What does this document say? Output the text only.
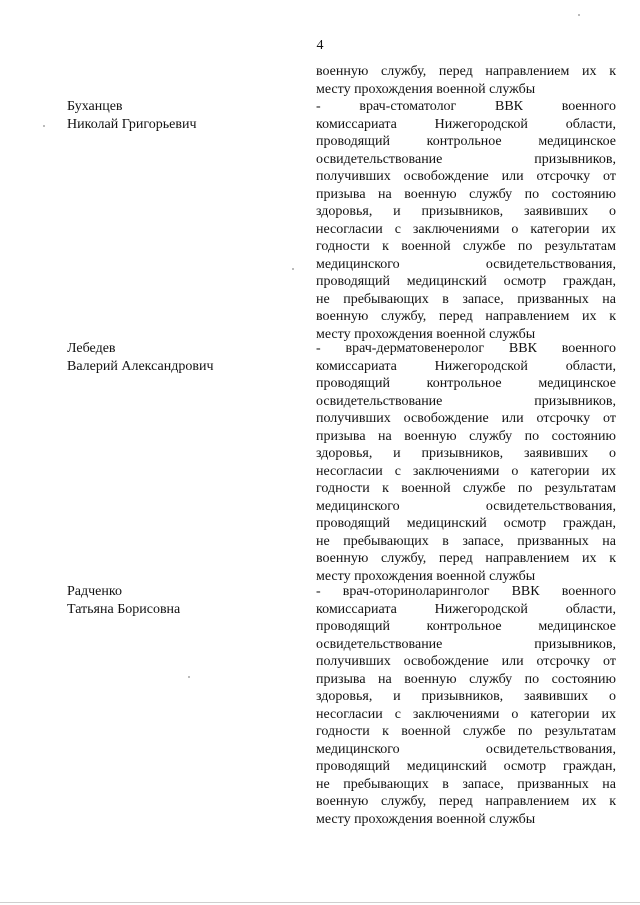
4
военную службу, перед направлением их к
месту прохождения военной службы
Буханцев
Николай Григорьевич
- врач-стоматолог ВВК военного
комиссариата Нижегородской области,
проводящий контрольное медицинское
освидетельствование призывников,
получивших освобождение или отсрочку от
призыва на военную службу по состоянию
здоровья, и призывников, заявивших о
несогласии с заключениями о категории их
годности к военной службе по результатам
медицинского освидетельствования,
проводящий медицинский осмотр граждан,
не пребывающих в запасе, призванных на
военную службу, перед направлением их к
месту прохождения военной службы
Лебедев
Валерий Александрович
- врач-дерматовенеролог ВВК военного
комиссариата Нижегородской области,
проводящий контрольное медицинское
освидетельствование призывников,
получивших освобождение или отсрочку от
призыва на военную службу по состоянию
здоровья, и призывников, заявивших о
несогласии с заключениями о категории их
годности к военной службе по результатам
медицинского освидетельствования,
проводящий медицинский осмотр граждан,
не пребывающих в запасе, призванных на
военную службу, перед направлением их к
месту прохождения военной службы
Радченко
Татьяна Борисовна
- врач-оториноларинголог ВВК военного
комиссариата Нижегородской области,
проводящий контрольное медицинское
освидетельствование призывников,
получивших освобождение или отсрочку от
призыва на военную службу по состоянию
здоровья, и призывников, заявивших о
несогласии с заключениями о категории их
годности к военной службе по результатам
медицинского освидетельствования,
проводящий медицинский осмотр граждан,
не пребывающих в запасе, призванных на
военную службу, перед направлением их к
месту прохождения военной службы
